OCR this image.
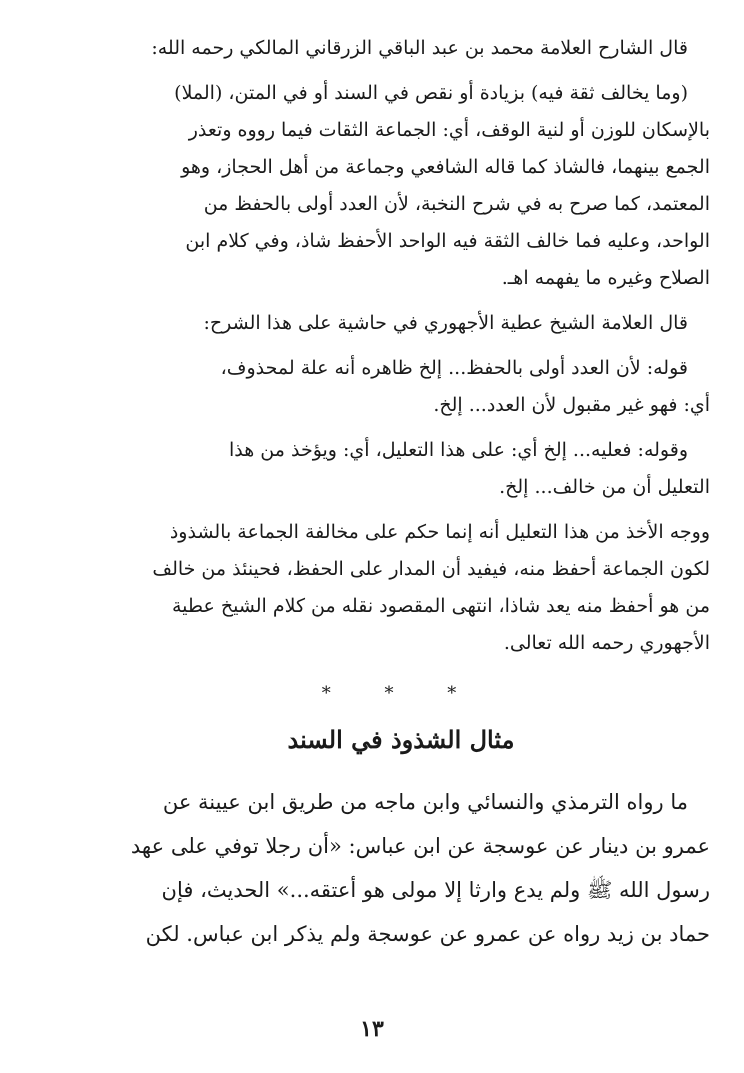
قال الشارح العلامة محمد بن عبد الباقي الزرقاني المالكي رحمه الله:
(وما يخالف ثقة فيه) بزيادة أو نقص في السند أو في المتن، (الملا)
بالإسكان للوزن أو لنية الوقف، أي: الجماعة الثقات فيما رووه وتعذر
الجمع بينهما، فالشاذ كما قاله الشافعي وجماعة من أهل الحجاز، وهو
المعتمد، كما صرح به في شرح النخبة، لأن العدد أولى بالحفظ من
الواحد، وعليه فما خالف الثقة فيه الواحد الأحفظ شاذ، وفي كلام ابن
الصلاح وغيره ما يفهمه اهـ.
قال العلامة الشيخ عطية الأجهوري في حاشية على هذا الشرح:
قوله: لأن العدد أولى بالحفظ... إلخ ظاهره أنه علة لمحذوف،
أي: فهو غير مقبول لأن العدد... إلخ.
وقوله: فعليه... إلخ أي: على هذا التعليل، أي: ويؤخذ من هذا
التعليل أن من خالف... إلخ.
ووجه الأخذ من هذا التعليل أنه إنما حكم على مخالفة الجماعة بالشذوذ
لكون الجماعة أحفظ منه، فيفيد أن المدار على الحفظ، فحينئذ من خالف
من هو أحفظ منه يعد شاذا، انتهى المقصود نقله من كلام الشيخ عطية
الأجهوري رحمه الله تعالى.
* * *
مثال الشذوذ في السند
ما رواه الترمذي والنسائي وابن ماجه من طريق ابن عيينة عن
عمرو بن دينار عن عوسجة عن ابن عباس: «أن رجلا توفي على عهد
رسول الله ﷺ ولم يدع وارثا إلا مولى هو أعتقه...» الحديث، فإن
حماد بن زيد رواه عن عمرو عن عوسجة ولم يذكر ابن عباس. لكن
١٣
